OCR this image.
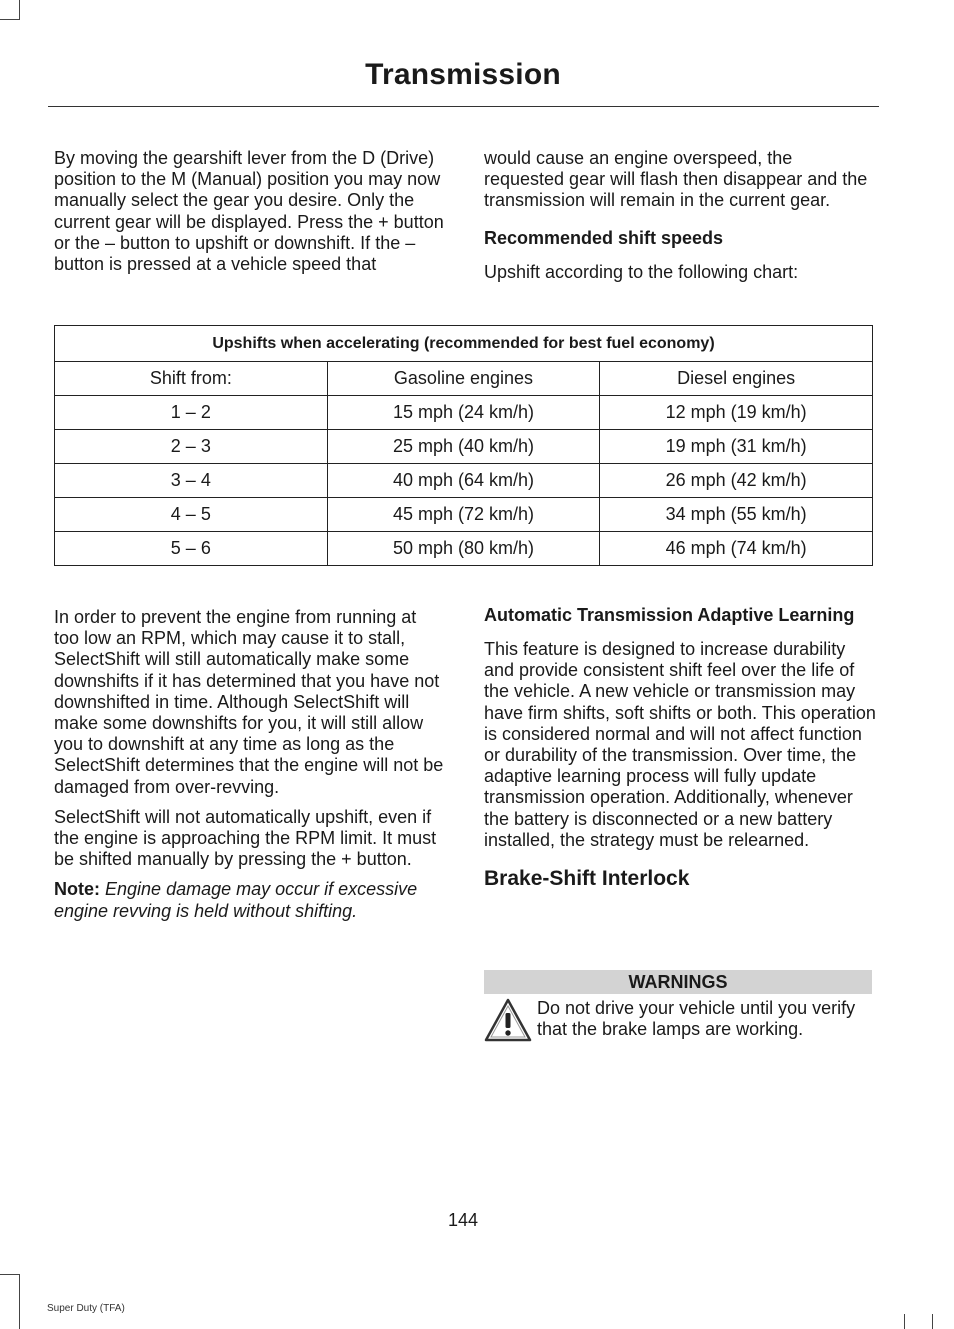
Transmission

By moving the gearshift lever from the D (Drive) position to the M (Manual) position you may now manually select the gear you desire. Only the current gear will be displayed. Press the + button or the – button to upshift or downshift. If the – button is pressed at a vehicle speed that

would cause an engine overspeed, the requested gear will flash then disappear and the transmission will remain in the current gear.

Recommended shift speeds

Upshift according to the following chart:

Upshifts when accelerating (recommended for best fuel economy)		
Shift from:	Gasoline engines	Diesel engines
1 – 2	15 mph (24 km/h)	12 mph (19 km/h)
2 – 3	25 mph (40 km/h)	19 mph (31 km/h)
3 – 4	40 mph (64 km/h)	26 mph (42 km/h)
4 – 5	45 mph (72 km/h)	34 mph (55 km/h)
5 – 6	50 mph (80 km/h)	46 mph (74 km/h)

In order to prevent the engine from running at too low an RPM, which may cause it to stall, SelectShift will still automatically make some downshifts if it has determined that you have not downshifted in time. Although SelectShift will make some downshifts for you, it will still allow you to downshift at any time as long as the SelectShift determines that the engine will not be damaged from over-revving.

SelectShift will not automatically upshift, even if the engine is approaching the RPM limit. It must be shifted manually by pressing the + button.

Note: Engine damage may occur if excessive engine revving is held without shifting.

Automatic Transmission Adaptive Learning

This feature is designed to increase durability and provide consistent shift feel over the life of the vehicle. A new vehicle or transmission may have firm shifts, soft shifts or both. This operation is considered normal and will not affect function or durability of the transmission. Over time, the adaptive learning process will fully update transmission operation. Additionally, whenever the battery is disconnected or a new battery installed, the strategy must be relearned.

Brake-Shift Interlock
WARNINGS
Do not drive your vehicle until you verify that the brake lamps are working.
144
Super Duty (TFA)
